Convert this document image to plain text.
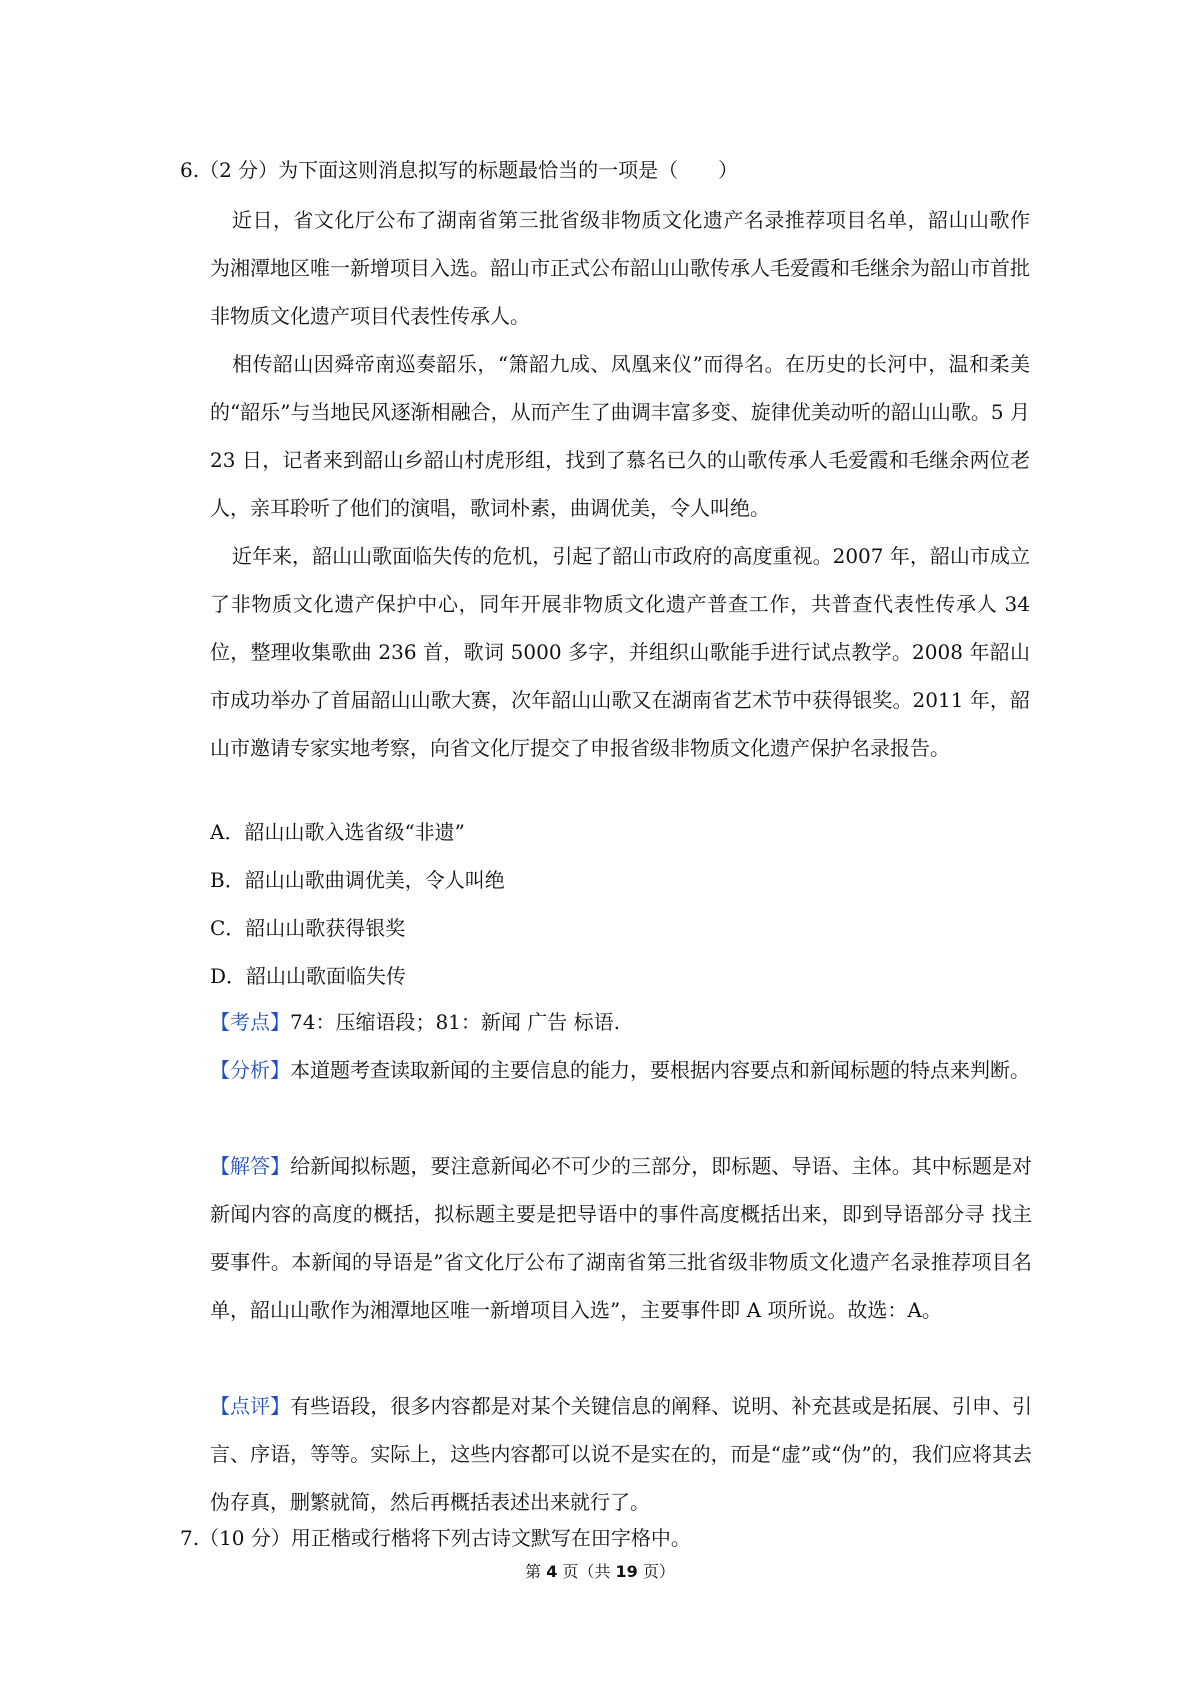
6.（2 分）为下面这则消息拟写的标题最恰当的一项是（　　）
近日，省文化厅公布了湖南省第三批省级非物质文化遗产名录推荐项目名单，韶山山歌作为湘潭地区唯一新增项目入选。韶山市正式公布韶山山歌传承人毛爱霞和毛继余为韶山市首批非物质文化遗产项目代表性传承人。
相传韶山因舜帝南巡奏韶乐，“箫韶九成、凤凰来仪”而得名。在历史的长河中，温和柔美的“韶乐”与当地民风逐渐相融合，从而产生了曲调丰富多变、旋律优美动听的韶山山歌。5 月 23 日，记者来到韶山乡韶山村虎形组，找到了慕名已久的山歌传承人毛爱霞和毛继余两位老人，亲耳聆听了他们的演唱，歌词朴素，曲调优美，令人叫绝。
近年来，韶山山歌面临失传的危机，引起了韶山市政府的高度重视。2007 年，韶山市成立了非物质文化遗产保护中心，同年开展非物质文化遗产普查工作，共普查代表性传承人 34 位，整理收集歌曲 236 首，歌词 5000 多字，并组织山歌能手进行试点教学。2008 年韶山市成功举办了首届韶山山歌大赛，次年韶山山歌又在湖南省艺术节中获得银奖。2011 年，韶山市邀请专家实地考察，向省文化厅提交了申报省级非物质文化遗产保护名录报告。
A．韶山山歌入选省级“非遗”
B．韶山山歌曲调优美，令人叫绝
C．韶山山歌获得银奖
D．韶山山歌面临失传
【考点】74：压缩语段；81：新闻 广告 标语.
【分析】本道题考查读取新闻的主要信息的能力，要根据内容要点和新闻标题的特点来判断。
【解答】给新闻拟标题，要注意新闻必不可少的三部分，即标题、导语、主体。其中标题是对新闻内容的高度的概括，拟标题主要是把导语中的事件高度概括出来，即到导语部分寻 找主要事件。本新闻的导语是”省文化厅公布了湖南省第三批省级非物质文化遗产名录推荐项目名单，韶山山歌作为湘潭地区唯一新增项目入选”，主要事件即 A 项所说。故选：A。
【点评】有些语段，很多内容都是对某个关键信息的阐释、说明、补充甚或是拓展、引申、引言、序语，等等。实际上，这些内容都可以说不是实在的，而是“虚”或“伪”的，我们应将其去伪存真，删繁就简，然后再概括表述出来就行了。
7.（10 分）用正楷或行楷将下列古诗文默写在田字格中。
第 4 页（共 19 页）
